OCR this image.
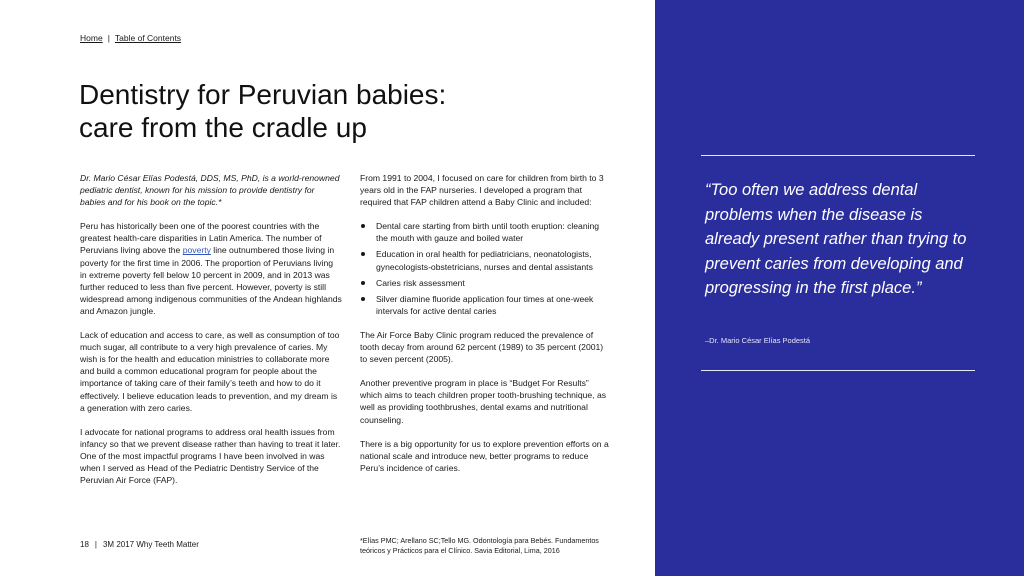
Home | Table of Contents
Dentistry for Peruvian babies:
care from the cradle up

Dr. Mario César Elías Podestá, DDS, MS, PhD, is a world-renowned pediatric dentist, known for his mission to provide dentistry for babies and for his book on the topic.*

Peru has historically been one of the poorest countries with the greatest health-care disparities in Latin America. The number of Peruvians living above the poverty line outnumbered those living in poverty for the first time in 2006. The proportion of Peruvians living in extreme poverty fell below 10 percent in 2009, and in 2013 was further reduced to less than five percent. However, poverty is still widespread among indigenous communities of the Andean highlands and Amazon jungle.

Lack of education and access to care, as well as consumption of too much sugar, all contribute to a very high prevalence of caries. My wish is for the health and education ministries to collaborate more and build a common educational program for people about the importance of taking care of their family’s teeth and how to do it effectively. I believe education leads to prevention, and my dream is a generation with zero caries.

I advocate for national programs to address oral health issues from infancy so that we prevent disease rather than having to treat it later. One of the most impactful programs I have been involved in was when I served as Head of the Pediatric Dentistry Service of the Peruvian Air Force (FAP).

From 1991 to 2004, I focused on care for children from birth to 3 years old in the FAP nurseries. I developed a program that required that FAP children attend a Baby Clinic and included:

Dental care starting from birth until tooth eruption: cleaning the mouth with gauze and boiled water
Education in oral health for pediatricians, neonatologists, gynecologists-obstetricians, nurses and dental assistants
Caries risk assessment
Silver diamine fluoride application four times at one-week intervals for active dental caries

The Air Force Baby Clinic program reduced the prevalence of tooth decay from around 62 percent (1989) to 35 percent (2001) to seven percent (2005).

Another preventive program in place is “Budget For Results” which aims to teach children proper tooth-brushing technique, as well as providing toothbrushes, dental exams and nutritional counseling.

There is a big opportunity for us to explore prevention efforts on a national scale and introduce new, better programs to reduce Peru’s incidence of caries.

18 | 3M 2017 Why Teeth Matter	*Elías PMC; Arellano SC;Tello MG. Odontología para Bebés. Fundamentos teóricos y Prácticos para el Clínico. Savia Editorial, Lima, 2016

“Too often we address dental problems when the disease is already present rather than trying to prevent caries from developing and progressing in the first place.”

–Dr. Mario César Elías Podestá
